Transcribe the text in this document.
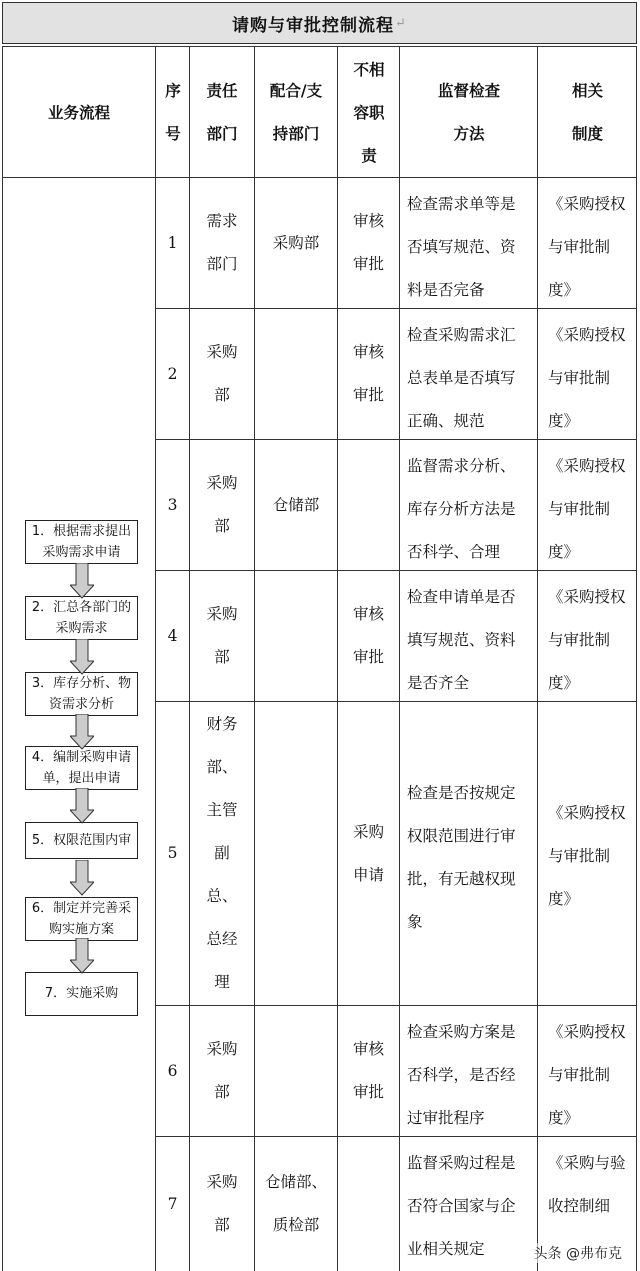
请购与审批控制流程 ↵
业务流程
序号
责任部门
配合/支持部门
不相容职责
监督检查方法
相关制度
1
需求部门
采购部
审核审批
检查需求单等是否填写规范、资料是否完备
《采购授权与审批制度》
2
采购部
审核审批
检查采购需求汇总表单是否填写正确、规范
《采购授权与审批制度》
3
采购部
仓储部
监督需求分析、库存分析方法是否科学、合理
《采购授权与审批制度》
4
采购部
审核审批
检查申请单是否填写规范、资料是否齐全
《采购授权与审批制度》
5
财务部、主管副总、总经理
采购申请
检查是否按规定权限范围进行审批，有无越权现象
《采购授权与审批制度》
6
采购部
审核审批
检查采购方案是否科学，是否经过审批程序
《采购授权与审批制度》
7
采购部
仓储部、质检部
监督采购过程是否符合国家与企业相关规定
《采购与验收控制细
1．根据需求提出采购需求申请
2．汇总各部门的采购需求
3．库存分析、物资需求分析
4．编制采购申请单，提出申请
5．权限范围内审
6．制定并完善采购实施方案
7．实施采购
头条 @弗布克
